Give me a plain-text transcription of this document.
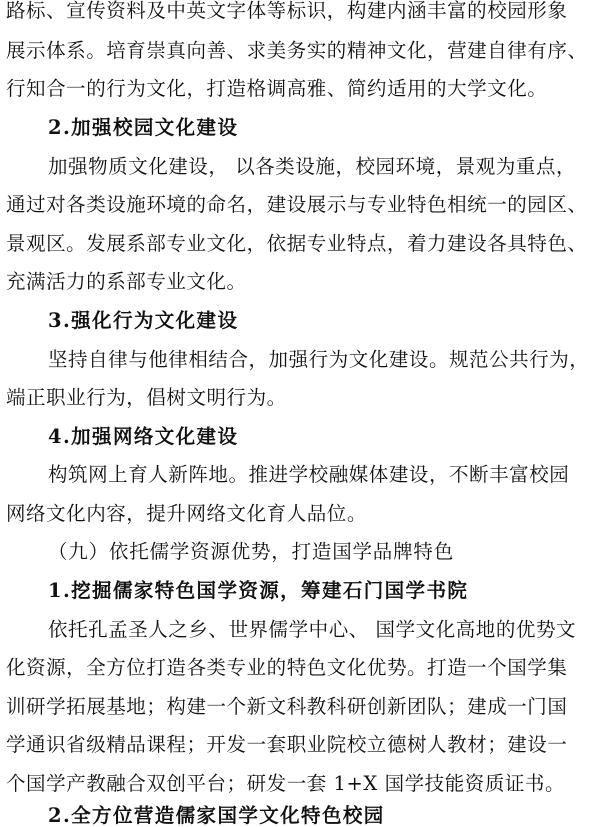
路标、宣传资料及中英文字体等标识，构建内涵丰富的校园形象
展示体系。培育崇真向善、求美务实的精神文化，营建自律有序、
行知合一的行为文化，打造格调高雅、简约适用的大学文化。
2.加强校园文化建设
加强物质文化建设， 以各类设施，校园环境，景观为重点，
通过对各类设施环境的命名，建设展示与专业特色相统一的园区、
景观区。发展系部专业文化，依据专业特点，着力建设各具特色、
充满活力的系部专业文化。
3.强化行为文化建设
坚持自律与他律相结合，加强行为文化建设。规范公共行为，
端正职业行为，倡树文明行为。
4.加强网络文化建设
构筑网上育人新阵地。推进学校融媒体建设，不断丰富校园
网络文化内容，提升网络文化育人品位。
（九）依托儒学资源优势，打造国学品牌特色
1.挖掘儒家特色国学资源，筹建石门国学书院
依托孔孟圣人之乡、世界儒学中心、 国学文化高地的优势文
化资源，全方位打造各类专业的特色文化优势。打造一个国学集
训研学拓展基地；构建一个新文科教科研创新团队；建成一门国
学通识省级精品课程；开发一套职业院校立德树人教材；建设一
个国学产教融合双创平台；研发一套 1+X 国学技能资质证书。
2.全方位营造儒家国学文化特色校园
